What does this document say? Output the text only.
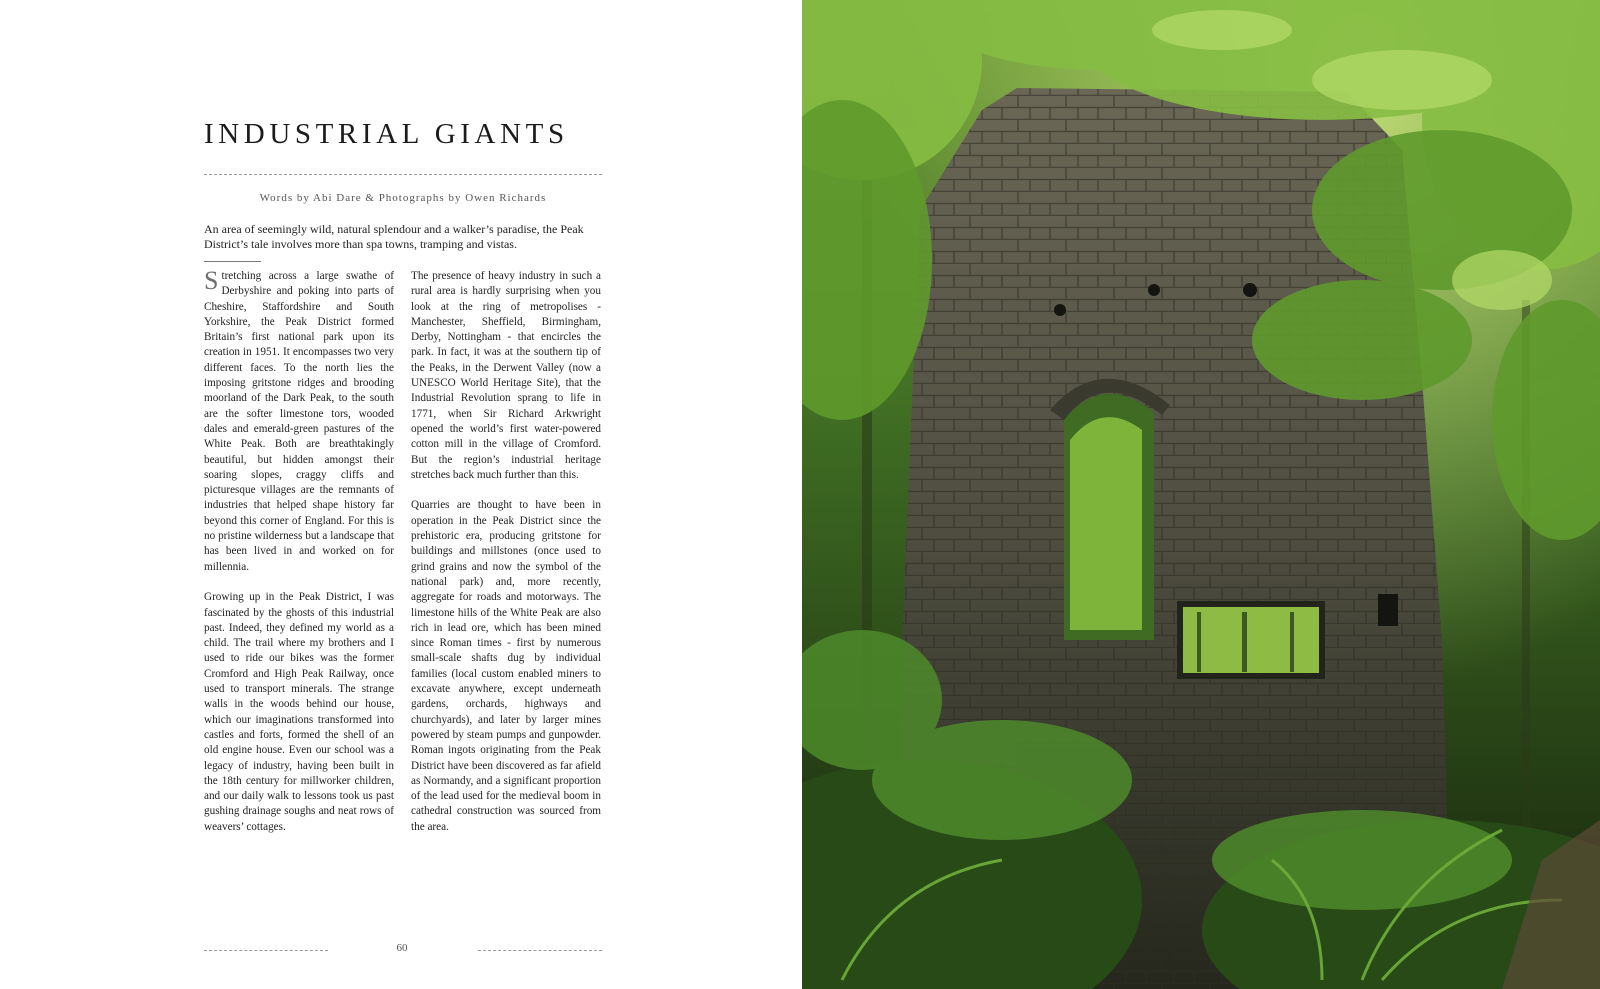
INDUSTRIAL GIANTS
Words by Abi Dare & Photographs by Owen Richards

An area of seemingly wild, natural splendour and a walker’s paradise, the Peak District’s tale involves more than spa towns, tramping and vistas.

Stretching across a large swathe of Derbyshire and poking into parts of Cheshire, Staffordshire and South Yorkshire, the Peak District formed Britain’s first national park upon its creation in 1951. It encompasses two very different faces. To the north lies the imposing gritstone ridges and brooding moorland of the Dark Peak, to the south are the softer limestone tors, wooded dales and emerald-green pastures of the White Peak. Both are breathtakingly beautiful, but hidden amongst their soaring slopes, craggy cliffs and picturesque villages are the remnants of industries that helped shape history far beyond this corner of England. For this is no pristine wilderness but a landscape that has been lived in and worked on for millennia.

Growing up in the Peak District, I was fascinated by the ghosts of this industrial past. Indeed, they defined my world as a child. The trail where my brothers and I used to ride our bikes was the former Cromford and High Peak Railway, once used to transport minerals. The strange walls in the woods behind our house, which our imaginations transformed into castles and forts, formed the shell of an old engine house. Even our school was a legacy of industry, having been built in the 18th century for millworker children, and our daily walk to lessons took us past gushing drainage soughs and neat rows of weavers’ cottages.

The presence of heavy industry in such a rural area is hardly surprising when you look at the ring of metropolises - Manchester, Sheffield, Birmingham, Derby, Nottingham - that encircles the park. In fact, it was at the southern tip of the Peaks, in the Derwent Valley (now a UNESCO World Heritage Site), that the Industrial Revolution sprang to life in 1771, when Sir Richard Arkwright opened the world’s first water-powered cotton mill in the village of Cromford. But the region’s industrial heritage stretches back much further than this.

Quarries are thought to have been in operation in the Peak District since the prehistoric era, producing gritstone for buildings and millstones (once used to grind grains and now the symbol of the national park) and, more recently, aggregate for roads and motorways. The limestone hills of the White Peak are also rich in lead ore, which has been mined since Roman times - first by numerous small-scale shafts dug by individual families (local custom enabled miners to excavate anywhere, except underneath gardens, orchards, highways and churchyards), and later by larger mines powered by steam pumps and gunpowder. Roman ingots originating from the Peak District have been discovered as far afield as Normandy, and a significant proportion of the lead used for the medieval boom in cathedral construction was sourced from the area.

60
